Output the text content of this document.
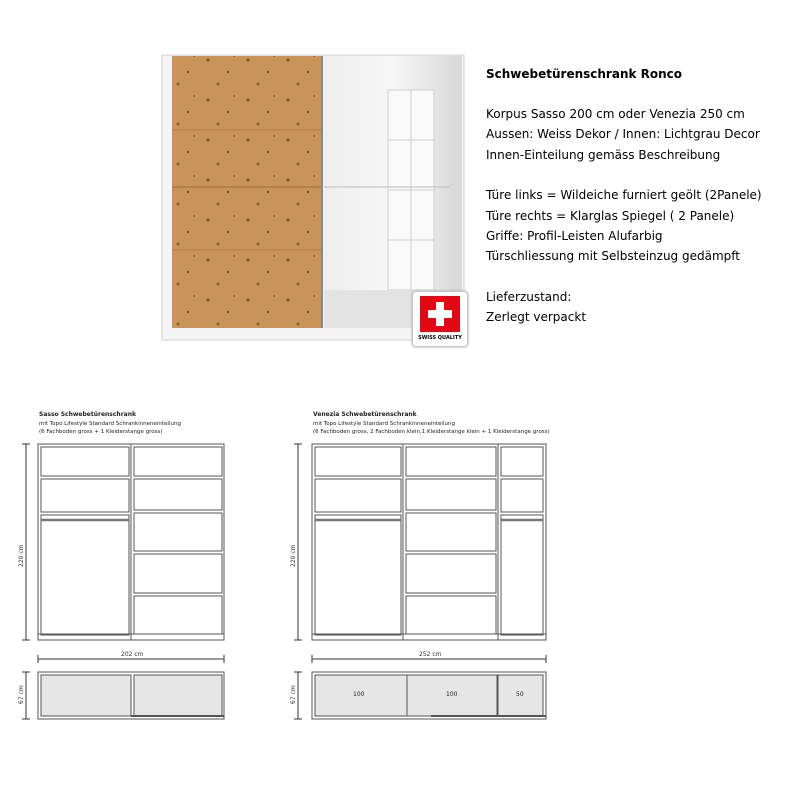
SWISS QUALITY
Schwebetürenschrank Ronco
Korpus Sasso 200 cm oder Venezia 250 cm
Aussen: Weiss Dekor / Innen: Lichtgrau Decor
Innen-Einteilung gemäss Beschreibung
Türe links = Wildeiche furniert geölt (2Panele)
Türe rechts = Klarglas Spiegel ( 2 Panele)
Griffe: Profil-Leisten Alufarbig
Türschliessung mit Selbsteinzug gedämpft
Lieferzustand:
Zerlegt verpackt
Sasso Schwebetürenschrank
mit Topo Lifestyle Standard Schrankinneneinteilung
(6 Fachboden gross + 1 Kleiderstange gross)
Venezia Schwebetürenschrank
mit Topo Lifestyle Standard Schrankinneneinteilung
(6 Fachboden gross, 2 Fachboden klein,1 Kleiderstange klein + 1 Kleiderstange gross)
220 cm
202 cm
67 cm
220 cm
252 cm
67 cm	100	100	50
